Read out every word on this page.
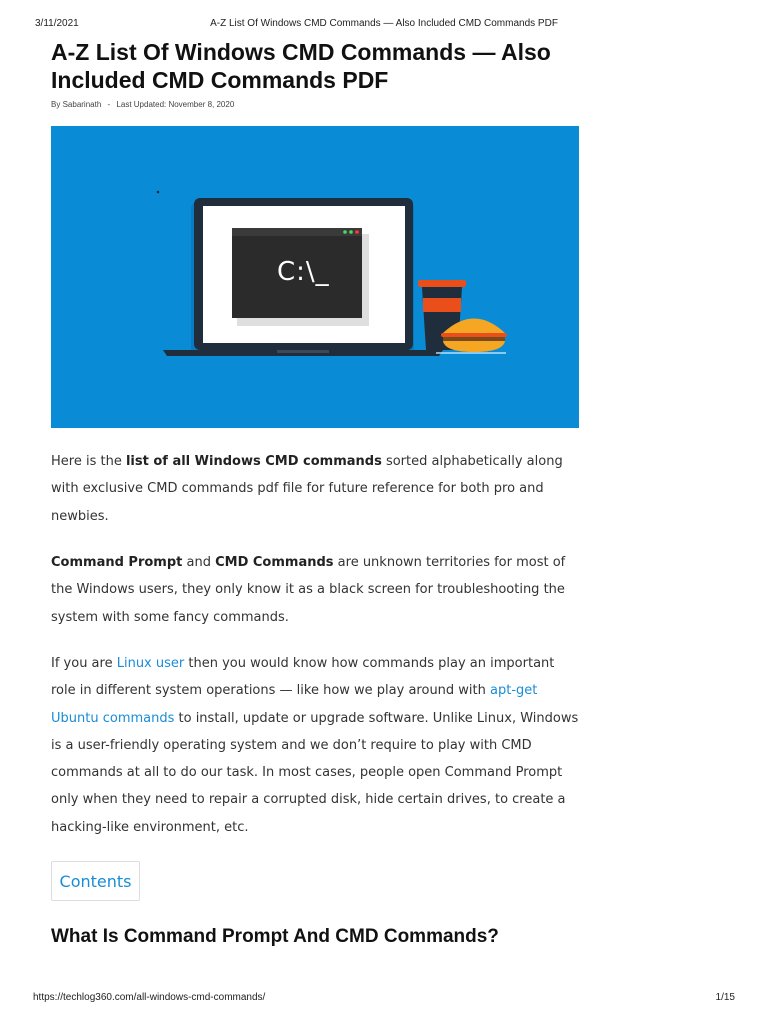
3/11/2021	A-Z List Of Windows CMD Commands — Also Included CMD Commands PDF
A-Z List Of Windows CMD Commands — Also Included CMD Commands PDF
By Sabarinath - Last Updated: November 8, 2020
C:\_

Here is the list of all Windows CMD commands sorted alphabetically along with exclusive CMD commands pdf file for future reference for both pro and newbies.

Command Prompt and CMD Commands are unknown territories for most of the Windows users, they only know it as a black screen for troubleshooting the system with some fancy commands.

If you are Linux user then you would know how commands play an important role in different system operations — like how we play around with apt-get Ubuntu commands to install, update or upgrade software. Unlike Linux, Windows is a user-friendly operating system and we don’t require to play with CMD commands at all to do our task. In most cases, people open Command Prompt only when they need to repair a corrupted disk, hide certain drives, to create a hacking-like environment, etc.

Contents
What Is Command Prompt And CMD Commands?
https://techlog360.com/all-windows-cmd-commands/	1/15
